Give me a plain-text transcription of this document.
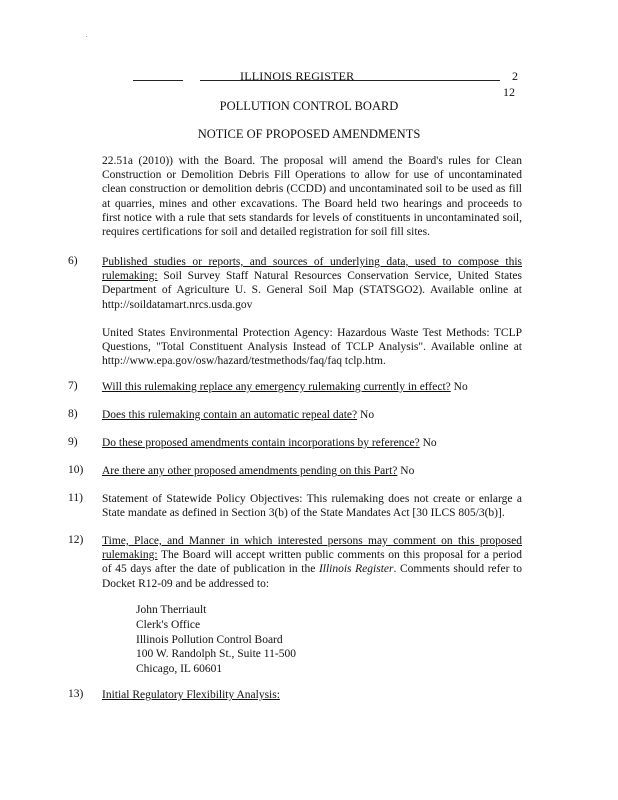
ILLINOIS REGISTER	2
12
POLLUTION CONTROL BOARD
NOTICE OF PROPOSED AMENDMENTS

22.51a (2010)) with the Board. The proposal will amend the Board's rules for Clean Construction or Demolition Debris Fill Operations to allow for use of uncontaminated clean construction or demolition debris (CCDD) and uncontaminated soil to be used as fill at quarries, mines and other excavations. The Board held two hearings and proceeds to first notice with a rule that sets standards for levels of constituents in uncontaminated soil, requires certifications for soil and detailed registration for soil fill sites.

6) Published studies or reports, and sources of underlying data, used to compose this rulemaking: Soil Survey Staff Natural Resources Conservation Service, United States Department of Agriculture U. S. General Soil Map (STATSGO2). Available online at http://soildatamart.nrcs.usda.gov

United States Environmental Protection Agency: Hazardous Waste Test Methods: TCLP Questions, "Total Constituent Analysis Instead of TCLP Analysis". Available online at http://www.epa.gov/osw/hazard/testmethods/faq/faq tclp.htm.

7) Will this rulemaking replace any emergency rulemaking currently in effect? No

8) Does this rulemaking contain an automatic repeal date? No

9) Do these proposed amendments contain incorporations by reference? No

10) Are there any other proposed amendments pending on this Part? No

11) Statement of Statewide Policy Objectives: This rulemaking does not create or enlarge a State mandate as defined in Section 3(b) of the State Mandates Act [30 ILCS 805/3(b)].

12) Time, Place, and Manner in which interested persons may comment on this proposed rulemaking: The Board will accept written public comments on this proposal for a period of 45 days after the date of publication in the Illinois Register. Comments should refer to Docket R12-09 and be addressed to:

John Therriault
Clerk's Office
Illinois Pollution Control Board
100 W. Randolph St., Suite 11-500
Chicago, IL 60601
13) Initial Regulatory Flexibility Analysis:
